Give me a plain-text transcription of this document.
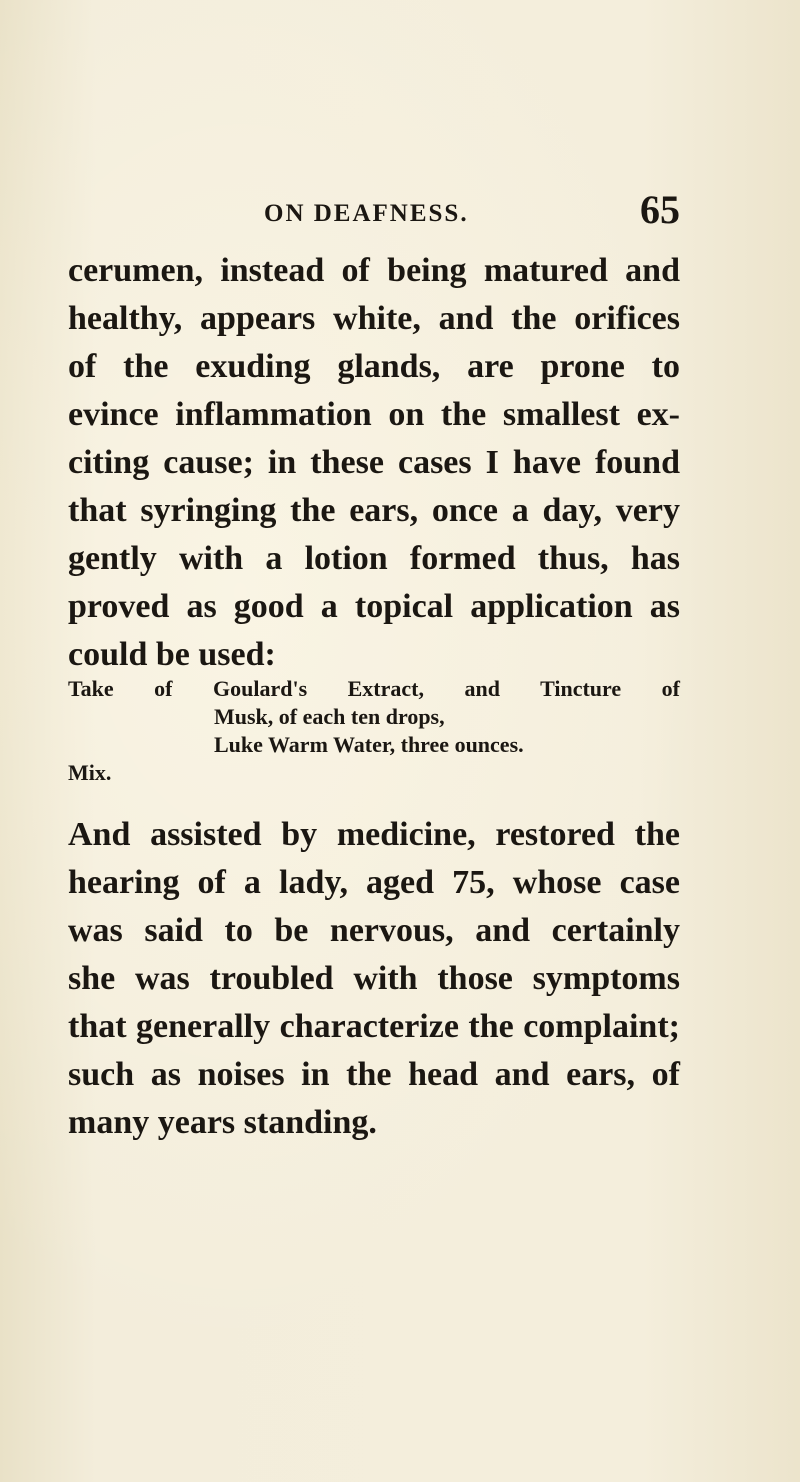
ON DEAFNESS.	65
cerumen, instead of being matured and
healthy, appears white, and the orifices
of the exuding glands, are prone to
evince inflammation on the smallest ex-
citing cause; in these cases I have found
that syringing the ears, once a day, very
gently with a lotion formed thus, has
proved as good a topical application as
could be used:
Take of Goulard's Extract, and Tincture of
Musk, of each ten drops,
Luke Warm Water, three ounces.
Mix.
And assisted by medicine, restored the
hearing of a lady, aged 75, whose case
was said to be nervous, and certainly
she was troubled with those symptoms
that generally characterize the complaint;
such as noises in the head and ears, of
many years standing.
